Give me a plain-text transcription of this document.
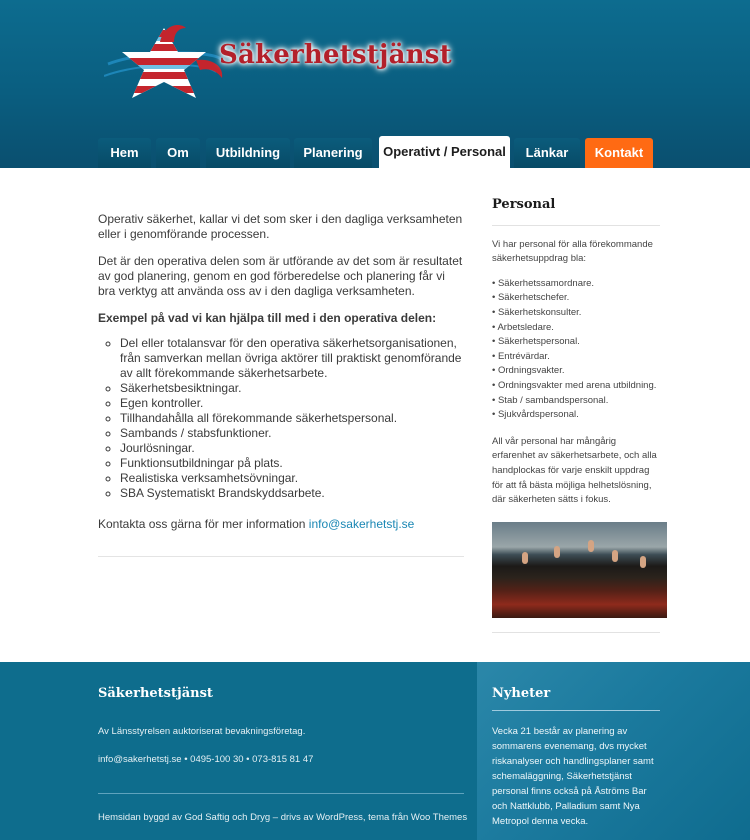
Säkerhetstjänst
Hem	Om	Utbildning	Planering	Operativt / Personal	Länkar	Kontakt

Operativ säkerhet, kallar vi det som sker i den dagliga verksamheten eller i genomförande processen.

Det är den operativa delen som är utförande av det som är resultatet av god planering, genom en god förberedelse och planering får vi bra verktyg att använda oss av i den dagliga verksamheten.

Exempel på vad vi kan hjälpa till med i den operativa delen:

◦ Del eller totalansvar för den operativa säkerhetsorganisationen, från samverkan mellan övriga aktörer till praktiskt genomförande av allt förekommande säkerhetsarbete.
◦ Säkerhetsbesiktningar.
◦ Egen kontroller.
◦ Tillhandahålla all förekommande säkerhetspersonal.
◦ Sambands / stabsfunktioner.
◦ Jourlösningar.
◦ Funktionsutbildningar på plats.
◦ Realistiska verksamhetsövningar.
◦ SBA Systematiskt Brandskyddsarbete.

Kontakta oss gärna för mer information info@sakerhetstj.se

Personal

Vi har personal för alla förekommande säkerhetsuppdrag bla:

• Säkerhetssamordnare.
• Säkerhetschefer.
• Säkerhetskonsulter.
• Arbetsledare.
• Säkerhetspersonal.
• Entrévärdar.
• Ordningsvakter.
• Ordningsvakter med arena utbildning.
• Stab / sambandspersonal.
• Sjukvårdspersonal.

All vår personal har mångårig erfarenhet av säkerhetsarbete, och alla handplockas för varje enskilt uppdrag för att få bästa möjliga helhetslösning, där säkerheten sätts i fokus.

Säkerhetstjänst
Av Länsstyrelsen auktoriserat bevakningsföretag.
info@sakerhetstj.se • 0495-100 30 • 073-815 81 47
Hemsidan byggd av God Saftig och Dryg – drivs av WordPress, tema från Woo Themes
Nyheter
Vecka 21 består av planering av sommarens evenemang, dvs mycket riskanalyser och handlingsplaner samt schemaläggning, Säkerhetstjänst personal finns också på Åströms Bar och Nattklubb, Palladium samt Nya Metropol denna vecka.
